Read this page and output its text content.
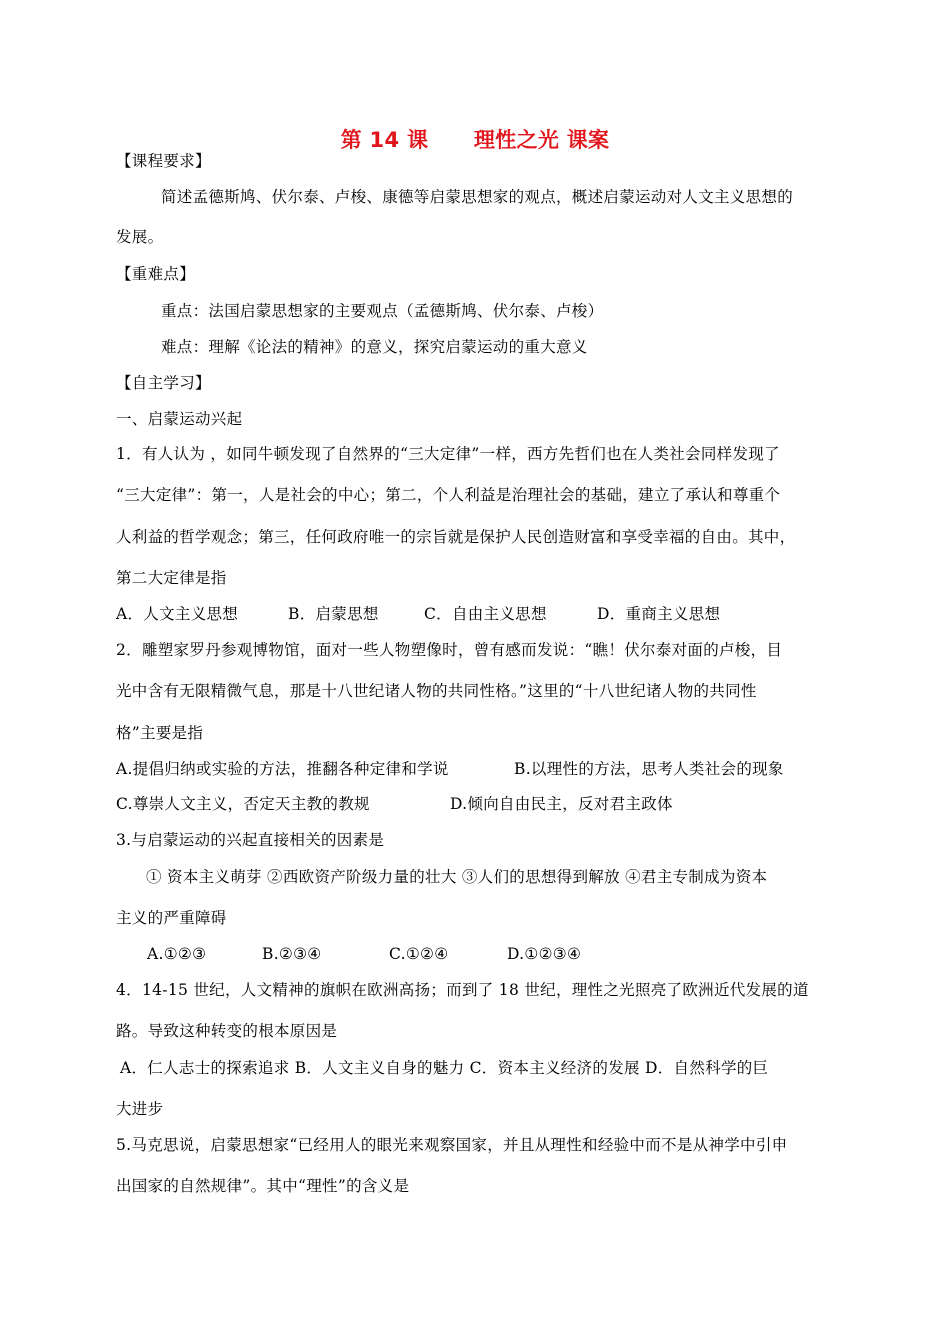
第 14 课      理性之光 课案
【课程要求】
简述孟德斯鸠、伏尔泰、卢梭、康德等启蒙思想家的观点，概述启蒙运动对人文主义思想的
发展。
【重难点】
重点：法国启蒙思想家的主要观点（孟德斯鸠、伏尔泰、卢梭）
难点：理解《论法的精神》的意义，探究启蒙运动的重大意义
【自主学习】
一、启蒙运动兴起
1．有人认为 ，如同牛顿发现了自然界的“三大定律”一样，西方先哲们也在人类社会同样发现了
“三大定律”：第一，人是社会的中心；第二，个人利益是治理社会的基础，建立了承认和尊重个
人利益的哲学观念；第三，任何政府唯一的宗旨就是保护人民创造财富和享受幸福的自由。其中，
第二大定律是指
A．人文主义思想	B．启蒙思想	C．自由主义思想	D．重商主义思想
2．雕塑家罗丹参观博物馆，面对一些人物塑像时，曾有感而发说：“瞧！伏尔泰对面的卢梭，目
光中含有无限精微气息，那是十八世纪诸人物的共同性格。”这里的“十八世纪诸人物的共同性
格”主要是指
A.提倡归纳或实验的方法，推翻各种定律和学说	B.以理性的方法，思考人类社会的现象
C.尊崇人文主义，否定天主教的教规	D.倾向自由民主，反对君主政体
3.与启蒙运动的兴起直接相关的因素是
① 资本主义萌芽 ②西欧资产阶级力量的壮大 ③人们的思想得到解放 ④君主专制成为资本
主义的严重障碍
A.①②③	B.②③④	C.①②④	D.①②③④
4．14-15 世纪，人文精神的旗帜在欧洲高扬；而到了 18 世纪，理性之光照亮了欧洲近代发展的道
路。导致这种转变的根本原因是
A．仁人志士的探索追求 B．人文主义自身的魅力 C．资本主义经济的发展 D．自然科学的巨
大进步
5.马克思说，启蒙思想家“已经用人的眼光来观察国家，并且从理性和经验中而不是从神学中引申
出国家的自然规律”。其中“理性”的含义是
